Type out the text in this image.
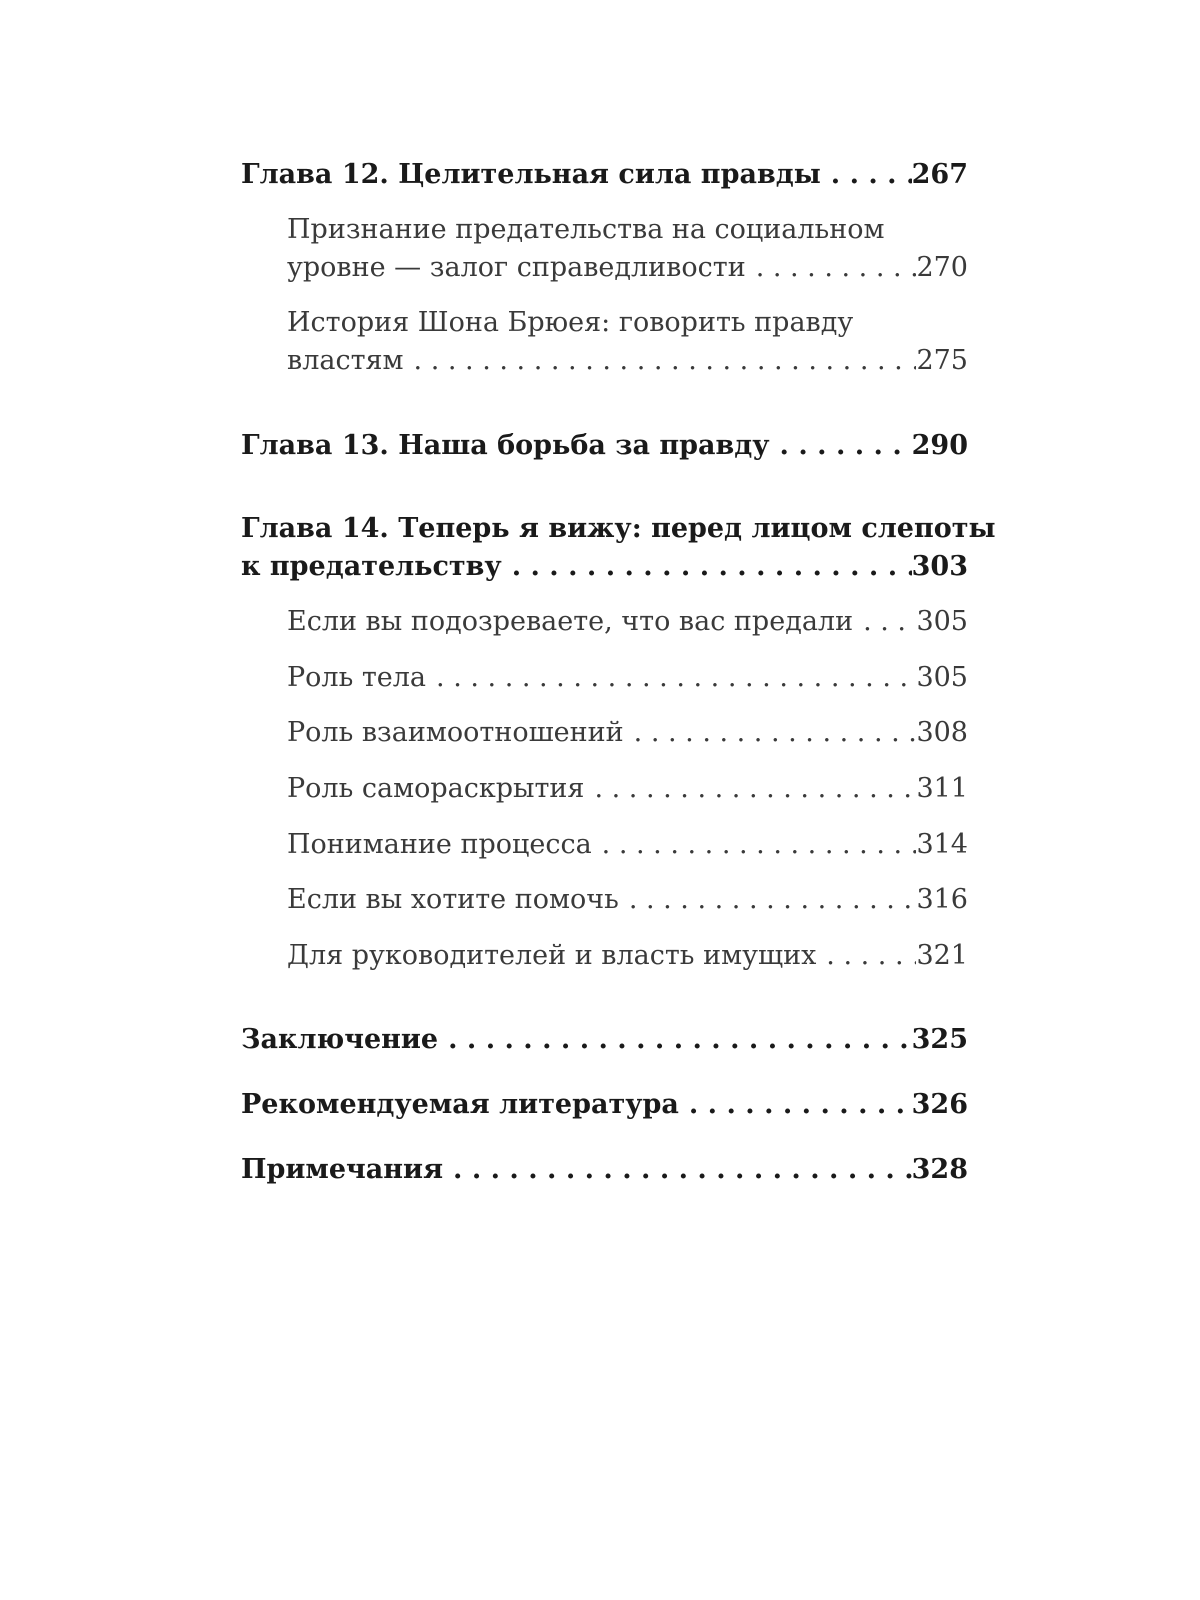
Глава 12. Целительная сила правды . . .	267
Признание предательства на социальном
уровне — залог справедливости . . .	270
История Шона Брюея: говорить правду
властям . . .	275
Глава 13. Наша борьба за правду . . .	290
Глава 14. Теперь я вижу: перед лицом слепоты
к предательству . . .	303
Если вы подозреваете, что вас предали . . . 305
Роль тела . . .	305
Роль взаимоотношений . . .	308
Роль самораскрытия . . .	311
Понимание процесса . . .	314
Если вы хотите помочь . . .	316
Для руководителей и власть имущих . . .	321
Заключение . . .	325
Рекомендуемая литература . . .	326
Примечания . . .	328
